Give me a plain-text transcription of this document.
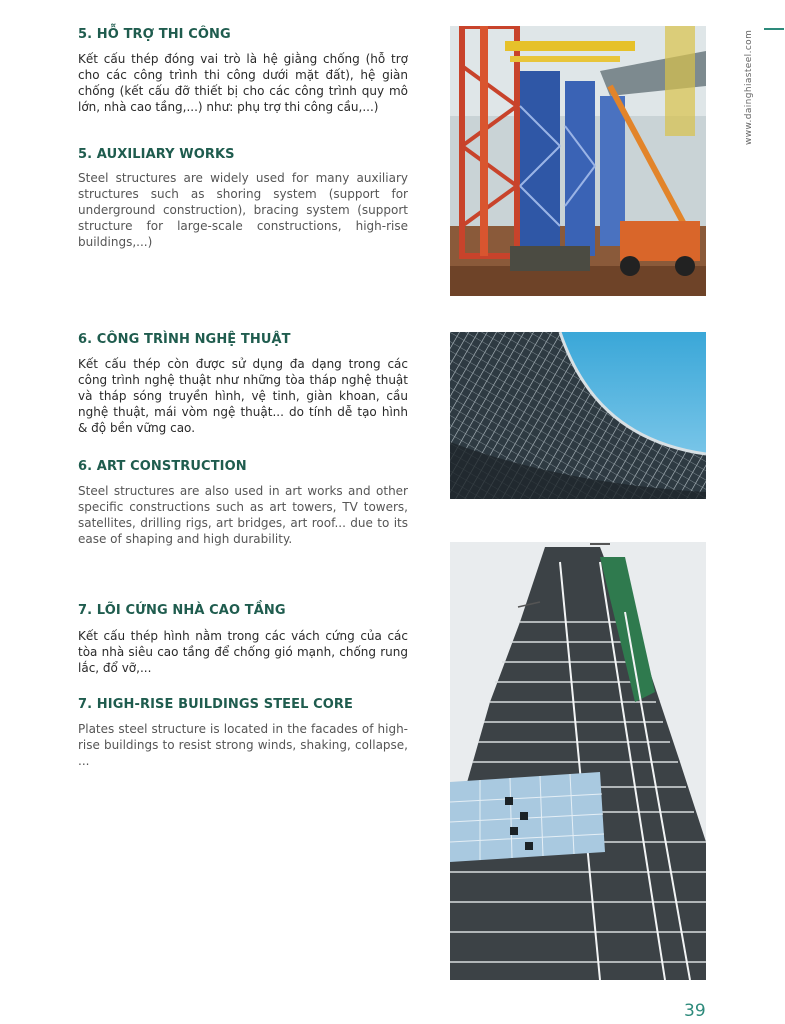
5. HỖ TRỢ THI CÔNG
Kết cấu thép đóng vai trò là hệ giằng chống (hỗ trợ cho các công trình thi công dưới mặt đất), hệ giàn chống (kết cấu đỡ thiết bị cho các công trình quy mô lớn, nhà cao tầng,...) như: phụ trợ thi công cầu,...)
5. AUXILIARY WORKS
Steel structures are widely used for many auxiliary structures such as shoring system (support for underground construction), bracing system (support structure for large-scale constructions, high-rise buildings,...)
6. CÔNG TRÌNH NGHỆ THUẬT
Kết cấu thép còn được sử dụng đa dạng trong các công trình nghệ thuật như những tòa tháp nghệ thuật và tháp sóng truyền hình, vệ tinh, giàn khoan, cầu nghệ thuật, mái vòm ngệ thuật... do tính dễ tạo hình & độ bền vững cao.
6. ART CONSTRUCTION
Steel structures are also used in art works and other specific constructions such as art towers, TV towers, satellites, drilling rigs, art bridges, art roof... due to its ease of shaping and high durability.
7. LÕI CỨNG NHÀ CAO TẦNG
Kết cấu thép hình nằm trong các vách cứng của các tòa nhà siêu cao tầng để chống gió mạnh, chống rung lắc, đổ vỡ,...
7. HIGH-RISE BUILDINGS STEEL CORE
Plates steel structure is located in the facades of high-rise buildings to resist strong winds, shaking, collapse, ...
www.dainghiasteel.com
39
